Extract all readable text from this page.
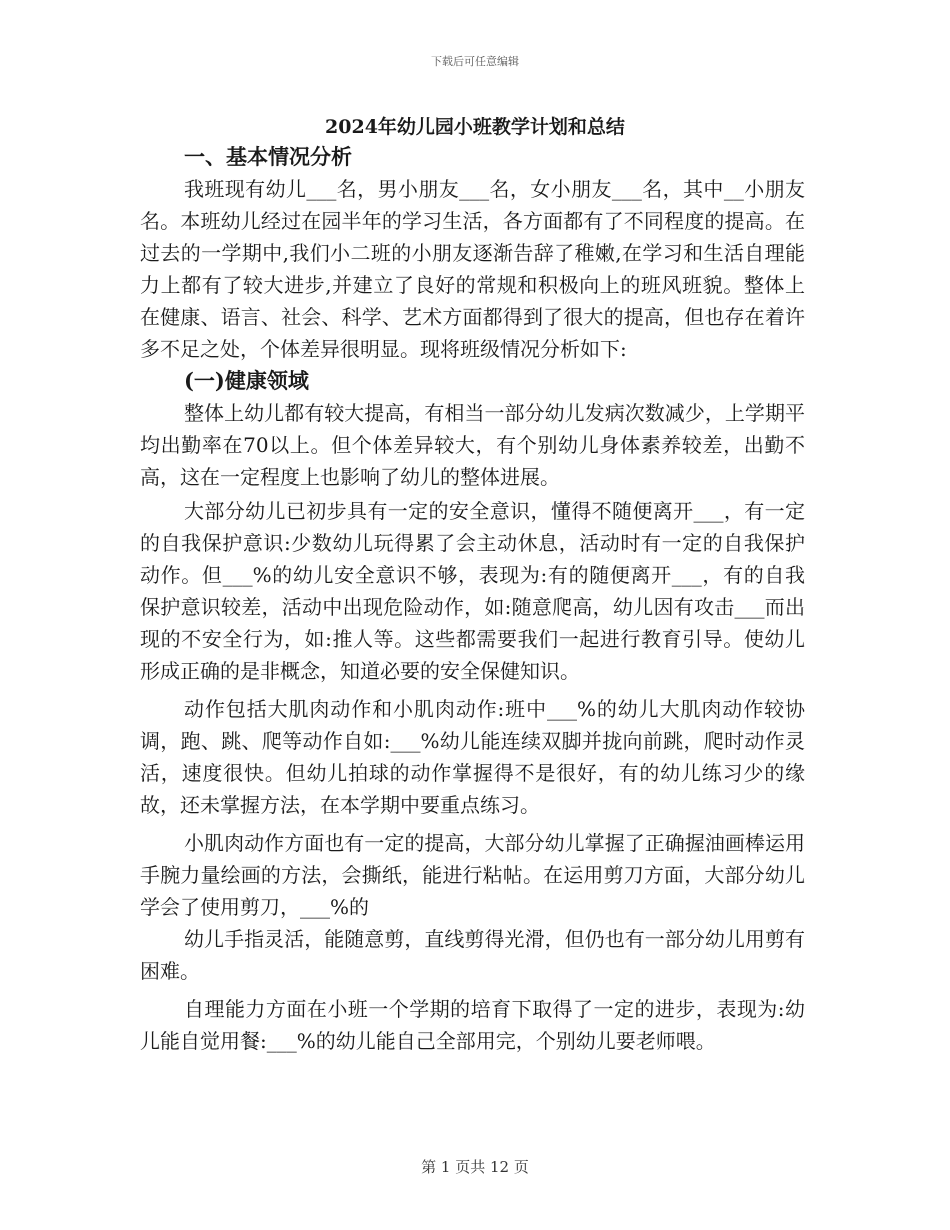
下载后可任意编辑
2024年幼儿园小班教学计划和总结

一、基本情况分析

我班现有幼儿___名，男小朋友___名，女小朋友___名，其中__小朋友名。本班幼儿经过在园半年的学习生活，各方面都有了不同程度的提高。在过去的一学期中,我们小二班的小朋友逐渐告辞了稚嫩,在学习和生活自理能力上都有了较大进步,并建立了良好的常规和积极向上的班风班貌。整体上在健康、语言、社会、科学、艺术方面都得到了很大的提高，但也存在着许多不足之处，个体差异很明显。现将班级情况分析如下:

(一)健康领域

整体上幼儿都有较大提高，有相当一部分幼儿发病次数减少，上学期平均出勤率在70以上。但个体差异较大，有个别幼儿身体素养较差，出勤不高，这在一定程度上也影响了幼儿的整体进展。

大部分幼儿已初步具有一定的安全意识，懂得不随便离开___，有一定的自我保护意识:少数幼儿玩得累了会主动休息，活动时有一定的自我保护动作。但___%的幼儿安全意识不够，表现为:有的随便离开___，有的自我保护意识较差，活动中出现危险动作，如:随意爬高，幼儿因有攻击___而出现的不安全行为，如:推人等。这些都需要我们一起进行教育引导。使幼儿形成正确的是非概念，知道必要的安全保健知识。

动作包括大肌肉动作和小肌肉动作:班中___%的幼儿大肌肉动作较协调，跑、跳、爬等动作自如:___%幼儿能连续双脚并拢向前跳，爬时动作灵活，速度很快。但幼儿拍球的动作掌握得不是很好，有的幼儿练习少的缘故，还未掌握方法，在本学期中要重点练习。

小肌肉动作方面也有一定的提高，大部分幼儿掌握了正确握油画棒运用手腕力量绘画的方法，会撕纸，能进行粘帖。在运用剪刀方面，大部分幼儿学会了使用剪刀，___%的

幼儿手指灵活，能随意剪，直线剪得光滑，但仍也有一部分幼儿用剪有困难。

自理能力方面在小班一个学期的培育下取得了一定的进步，表现为:幼儿能自觉用餐:___%的幼儿能自己全部用完，个别幼儿要老师喂。

第 1 页共 12 页
